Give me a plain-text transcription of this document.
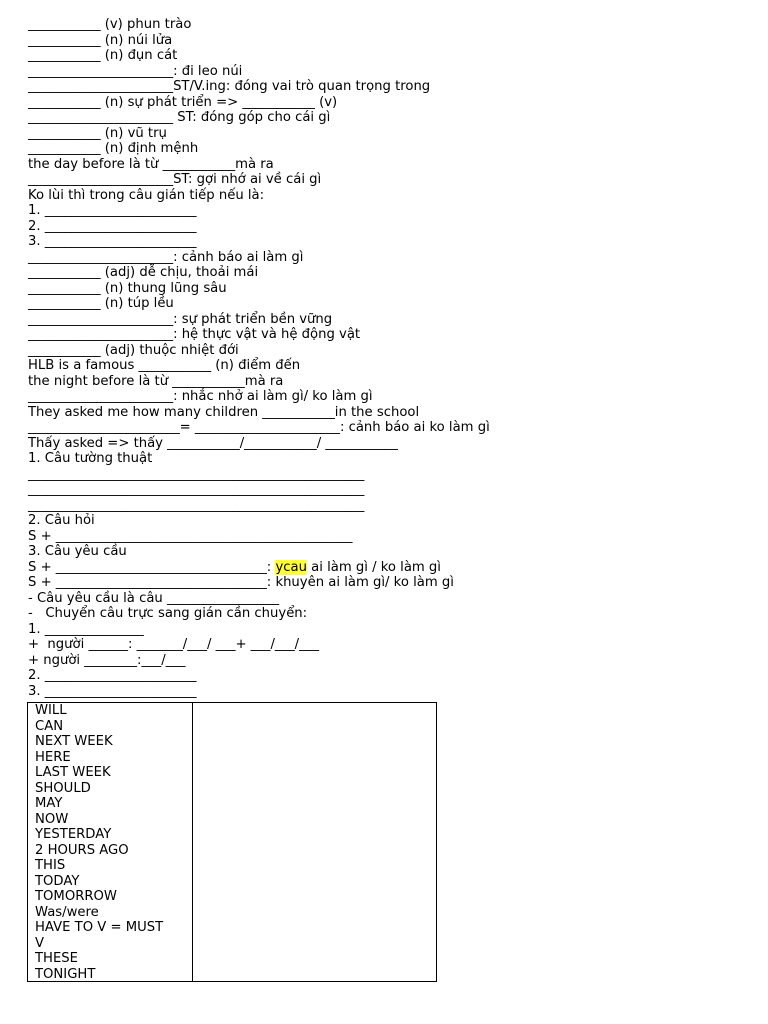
___________ (v) phun trào
___________ (n) núi lửa
___________ (n) đụn cát
______________________: đi leo núi
______________________ST/V.ing: đóng vai trò quan trọng trong
___________ (n) sự phát triển => ___________ (v)
______________________ ST: đóng góp cho cái gì
___________ (n) vũ trụ
___________ (n) định mệnh
the day before là từ ___________mà ra
______________________ST: gợi nhớ ai về cái gì
Ko lùi thì trong câu gián tiếp nếu là:
1. _______________________
2. _______________________
3. _______________________
______________________: cảnh báo ai làm gì
___________ (adj) dễ chịu, thoải mái
___________ (n) thung lũng sâu
___________ (n) túp lều
______________________: sự phát triển bền vững
______________________: hệ thực vật và hệ động vật
___________ (adj) thuộc nhiệt đới
HLB is a famous ___________ (n) điểm đến
the night before là từ ___________mà ra
______________________: nhắc nhở ai làm gì/ ko làm gì
They asked me how many children ___________in the school
_______________________= ______________________: cảnh báo ai ko làm gì
Thấy asked => thấy ___________/___________/ ___________
1. Câu tường thuật
___________________________________________________
___________________________________________________
___________________________________________________
2. Câu hỏi
S + _____________________________________________
3. Câu yêu cầu
S + ________________________________: ycau ai làm gì / ko làm gì
S + ________________________________: khuyên ai làm gì/ ko làm gì
- Câu yêu cầu là câu _________________
-   Chuyển câu trực sang gián cần chuyển:
1. _______________
+  người ______: _______/___/ ___+ ___/___/___
+ người ________:___/___
2. _______________________
3. _______________________
WILL
CAN
NEXT WEEK
HERE
LAST WEEK
SHOULD
MAY
NOW
YESTERDAY
2 HOURS AGO
THIS
TODAY
TOMORROW
Was/were
HAVE TO V = MUST
V
THESE
TONIGHT
